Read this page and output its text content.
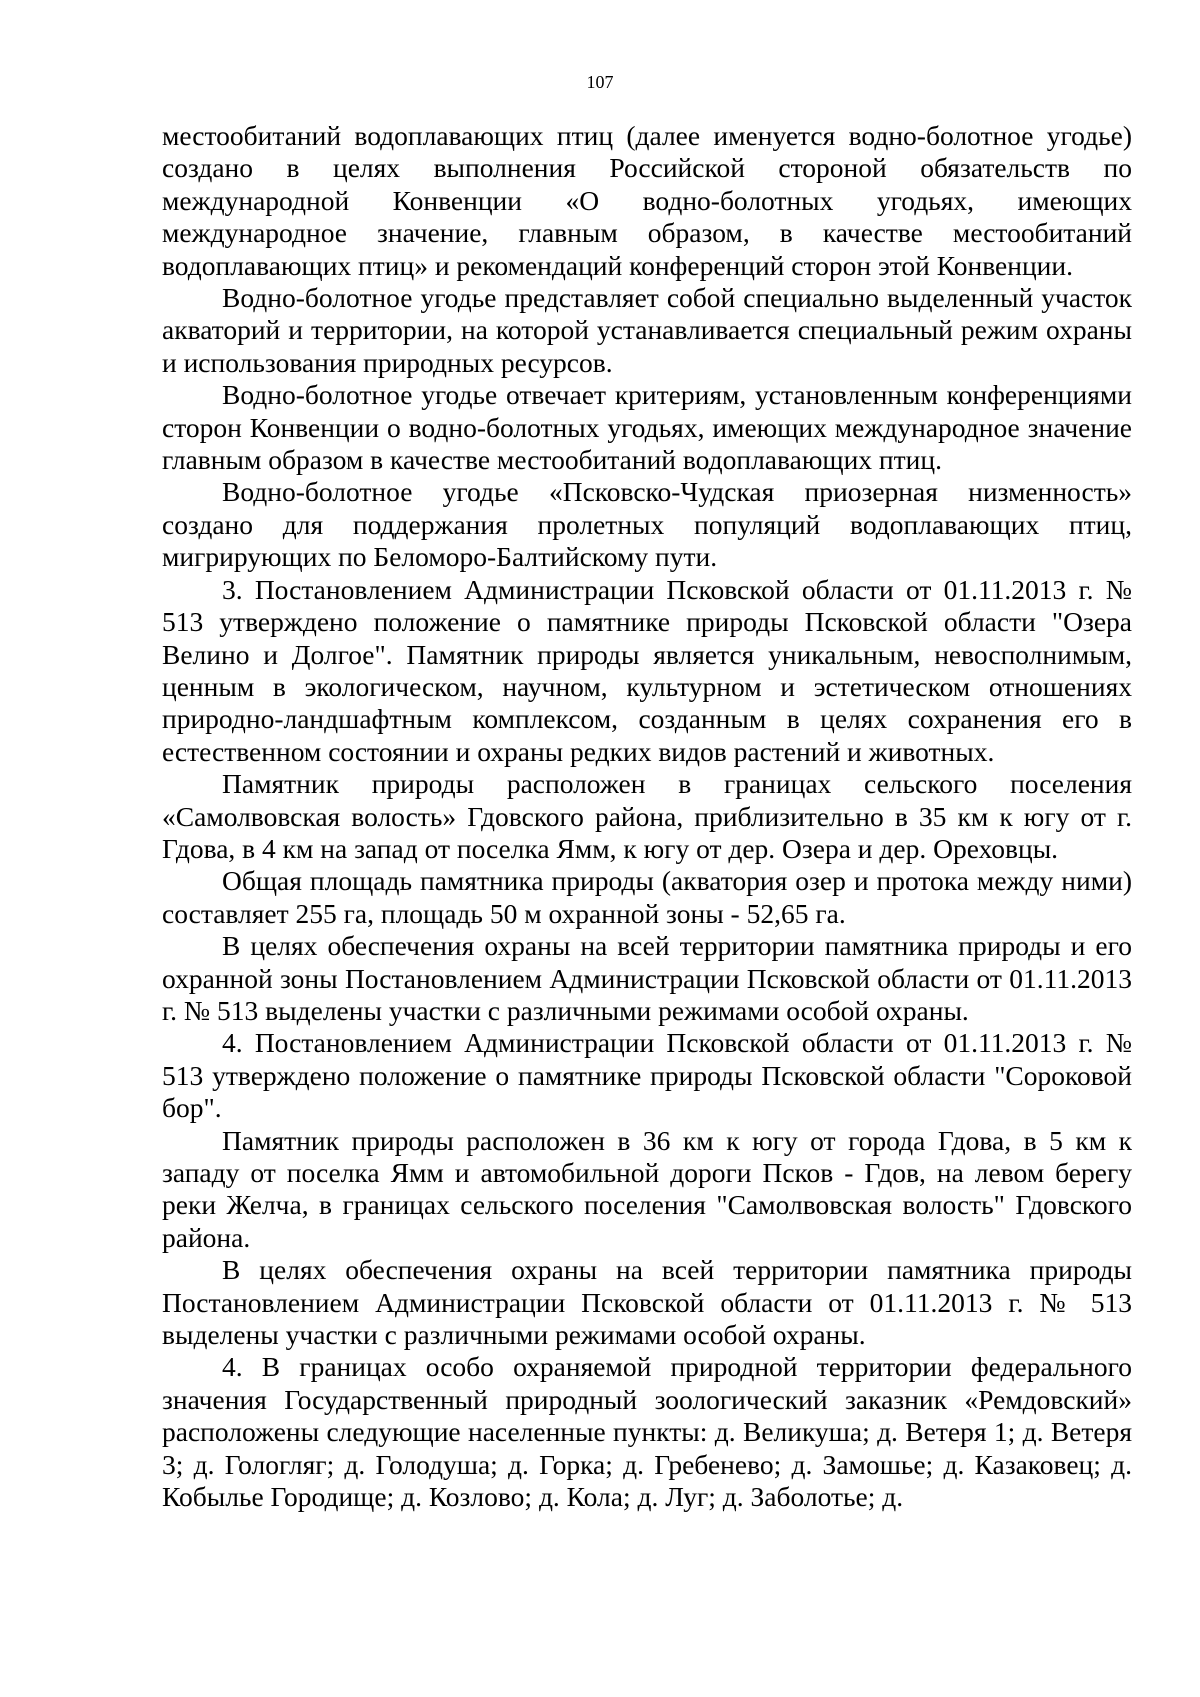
107

местообитаний водоплавающих птиц (далее именуется водно-болотное угодье) создано в целях выполнения Российской стороной обязательств по международной Конвенции «О водно-болотных угодьях, имеющих международное значение, главным образом, в качестве местообитаний водоплавающих птиц» и рекомендаций конференций сторон этой Конвенции.

Водно-болотное угодье представляет собой специально выделенный участок акваторий и территории, на которой устанавливается специальный режим охраны и использования природных ресурсов.

Водно-болотное угодье отвечает критериям, установленным конференциями сторон Конвенции о водно-болотных угодьях, имеющих международное значение главным образом в качестве местообитаний водоплавающих птиц.

Водно-болотное угодье «Псковско-Чудская приозерная низменность» создано для поддержания пролетных популяций водоплавающих птиц, мигрирующих по Беломоро-Балтийскому пути.

3. Постановлением Администрации Псковской области от 01.11.2013 г. № 513 утверждено положение о памятнике природы Псковской области "Озера Велино и Долгое". Памятник природы является уникальным, невосполнимым, ценным в экологическом, научном, культурном и эстетическом отношениях природно-ландшафтным комплексом, созданным в целях сохранения его в естественном состоянии и охраны редких видов растений и животных.

Памятник природы расположен в границах сельского поселения «Самолвовская волость» Гдовского района, приблизительно в 35 км к югу от г. Гдова, в 4 км на запад от поселка Ямм, к югу от дер. Озера и дер. Ореховцы.

Общая площадь памятника природы (акватория озер и протока между ними) составляет 255 га, площадь 50 м охранной зоны - 52,65 га.

В целях обеспечения охраны на всей территории памятника природы и его охранной зоны Постановлением Администрации Псковской области от 01.11.2013 г. № 513 выделены участки с различными режимами особой охраны.

4. Постановлением Администрации Псковской области от 01.11.2013 г. № 513 утверждено положение о памятнике природы Псковской области "Сороковой бор".

Памятник природы расположен в 36 км к югу от города Гдова, в 5 км к западу от поселка Ямм и автомобильной дороги Псков - Гдов, на левом берегу реки Желча, в границах сельского поселения "Самолвовская волость" Гдовского района.

В целях обеспечения охраны на всей территории памятника природы Постановлением Администрации Псковской области от 01.11.2013 г. № 513 выделены участки с различными режимами особой охраны.

4. В границах особо охраняемой природной территории федерального значения Государственный природный зоологический заказник «Ремдовский» расположены следующие населенные пункты: д. Великуша; д. Ветеря 1; д. Ветеря 3; д. Гологляг; д. Голодуша; д. Горка; д. Гребенево; д. Замошье; д. Казаковец; д. Кобылье Городище; д. Козлово; д. Кола; д. Луг; д. Заболотье; д.
